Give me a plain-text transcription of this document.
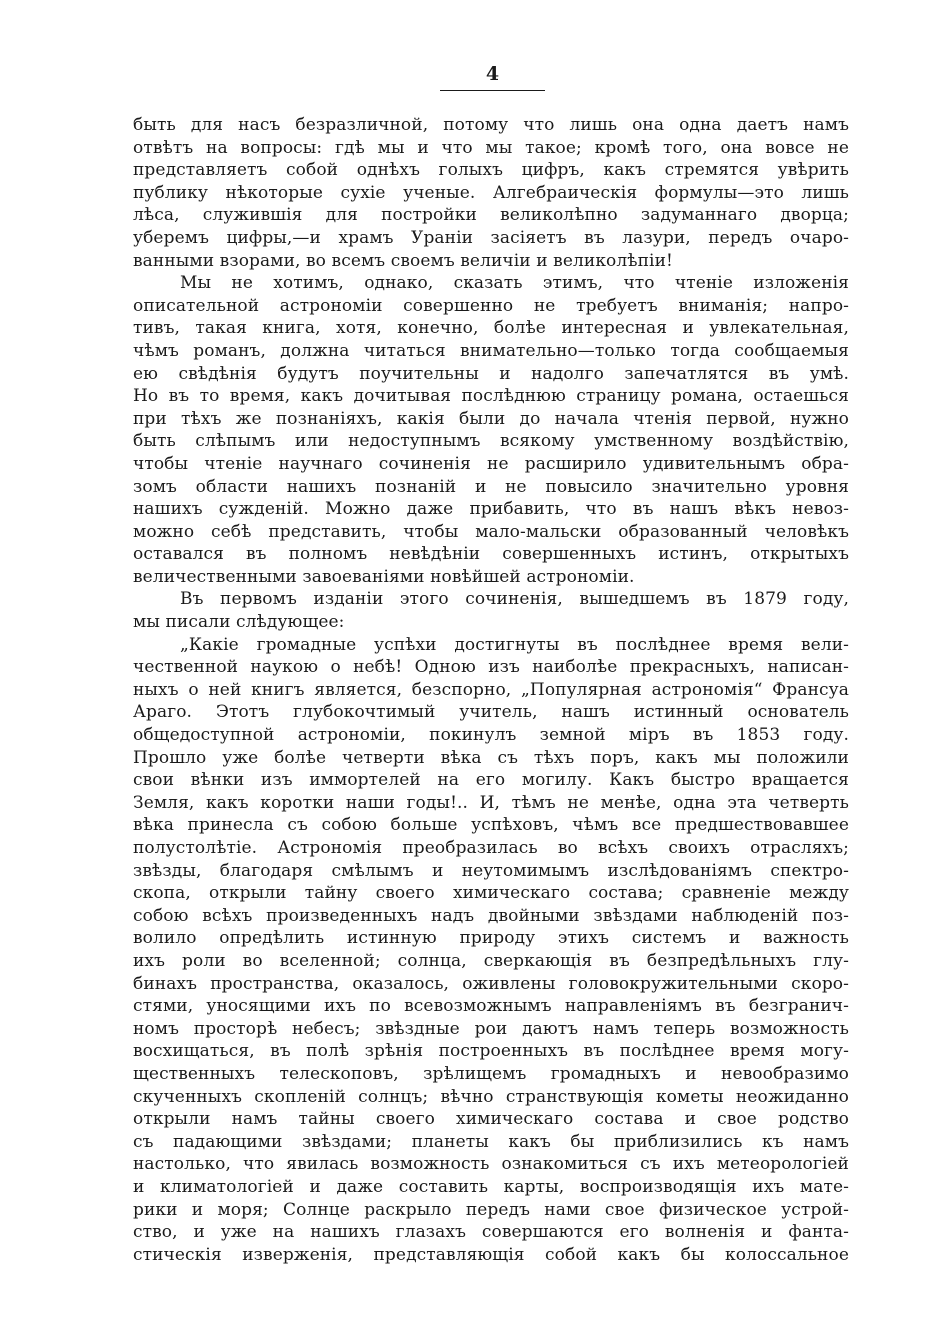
4
быть для насъ безразличной, потому что лишь она одна даетъ намъ
отвѣтъ на вопросы: гдѣ мы и что мы такое; кромѣ того, она вовсе не
представляетъ собой однѣхъ голыхъ цифръ, какъ стремятся увѣрить
публику нѣкоторые сухіе ученые. Алгебраическія формулы—это лишь
лѣса, служившія для постройки великолѣпно задуманнаго дворца;
уберемъ цифры,—и храмъ Ураніи засіяетъ въ лазури, передъ очаро-
ванными взорами, во всемъ своемъ величіи и великолѣпіи!
Мы не хотимъ, однако, сказать этимъ, что чтеніе изложенія
описательной астрономіи совершенно не требуетъ вниманія; напро-
тивъ, такая книга, хотя, конечно, болѣе интересная и увлекательная,
чѣмъ романъ, должна читаться внимательно—только тогда сообщаемыя
ею свѣдѣнія будутъ поучительны и надолго запечатлятся въ умѣ.
Но въ то время, какъ дочитывая послѣднюю страницу романа, остаешься
при тѣхъ же познаніяхъ, какія были до начала чтенія первой, нужно
быть слѣпымъ или недоступнымъ всякому умственному воздѣйствію,
чтобы чтеніе научнаго сочиненія не расширило удивительнымъ обра-
зомъ области нашихъ познаній и не повысило значительно уровня
нашихъ сужденій. Можно даже прибавить, что въ нашъ вѣкъ невоз-
можно себѣ представить, чтобы мало-мальски образованный человѣкъ
оставался въ полномъ невѣдѣніи совершенныхъ истинъ, открытыхъ
величественными завоеваніями новѣйшей астрономіи.
Въ первомъ изданіи этого сочиненія, вышедшемъ въ 1879 году,
мы писали слѣдующее:
„Какіе громадные успѣхи достигнуты въ послѣднее время вели-
чественной наукою о небѣ! Одною изъ наиболѣе прекрасныхъ, написан-
ныхъ о ней книгъ является, безспорно, „Популярная астрономія“ Франсуа
Араго. Этотъ глубокочтимый учитель, нашъ истинный основатель
общедоступной астрономіи, покинулъ земной міръ въ 1853 году.
Прошло уже болѣе четверти вѣка съ тѣхъ поръ, какъ мы положили
свои вѣнки изъ иммортелей на его могилу. Какъ быстро вращается
Земля, какъ коротки наши годы!.. И, тѣмъ не менѣе, одна эта четверть
вѣка принесла съ собою больше успѣховъ, чѣмъ все предшествовавшее
полустолѣтіе. Астрономія преобразилась во всѣхъ своихъ отрасляхъ;
звѣзды, благодаря смѣлымъ и неутомимымъ изслѣдованіямъ спектро-
скопа, открыли тайну своего химическаго состава; сравненіе между
собою всѣхъ произведенныхъ надъ двойными звѣздами наблюденій поз-
волило опредѣлить истинную природу этихъ системъ и важность
ихъ роли во вселенной; солнца, сверкающія въ безпредѣльныхъ глу-
бинахъ пространства, оказалось, оживлены головокружительными скоро-
стями, уносящими ихъ по всевозможнымъ направленіямъ въ безгранич-
номъ просторѣ небесъ; звѣздные рои даютъ намъ теперь возможность
восхищаться, въ полѣ зрѣнія построенныхъ въ послѣднее время могу-
щественныхъ телескоповъ, зрѣлищемъ громадныхъ и невообразимо
скученныхъ скопленій солнцъ; вѣчно странствующія кометы неожиданно
открыли намъ тайны своего химическаго состава и свое родство
съ падающими звѣздами; планеты какъ бы приблизились къ намъ
настолько, что явилась возможность ознакомиться съ ихъ метеорологіей
и климатологіей и даже составить карты, воспроизводящія ихъ мате-
рики и моря; Солнце раскрыло передъ нами свое физическое устрой-
ство, и уже на нашихъ глазахъ совершаются его волненія и фанта-
стическія изверженія, представляющія собой какъ бы колоссальное
